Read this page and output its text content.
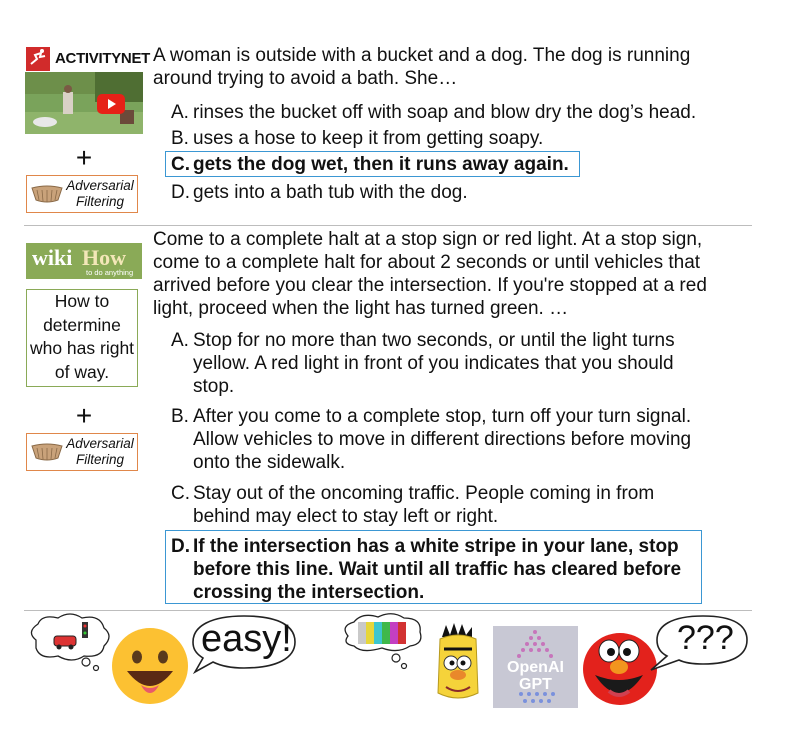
ACTIVITYNET
+
Adversarial
Filtering
A woman is outside with a bucket and a dog. The dog is running
around trying to avoid a bath. She…
A. rinses the bucket off with soap and blow dry the dog’s head.
B. uses a hose to keep it from getting soapy.
C. gets the dog wet, then it runs away again.
D. gets into a bath tub with the dog.
wiki How
to do anything
How to
determine
who has right
of way.
+
Adversarial
Filtering
Come to a complete halt at a stop sign or red light. At a stop sign,
come to a complete halt for about 2 seconds or until vehicles that
arrived before you clear the intersection. If you're stopped at a red
light, proceed when the light has turned green. …
A. Stop for no more than two seconds, or until the light turns
yellow. A red light in front of you indicates that you should
stop.
B. After you come to a complete stop, turn off your turn signal.
Allow vehicles to move in different directions before moving
onto the sidewalk.
C. Stay out of the oncoming traffic. People coming in from
behind may elect to stay left or right.
D. If the intersection has a white stripe in your lane, stop
before this line. Wait until all traffic has cleared before
crossing the intersection.
easy!
OpenAI
GPT
???
